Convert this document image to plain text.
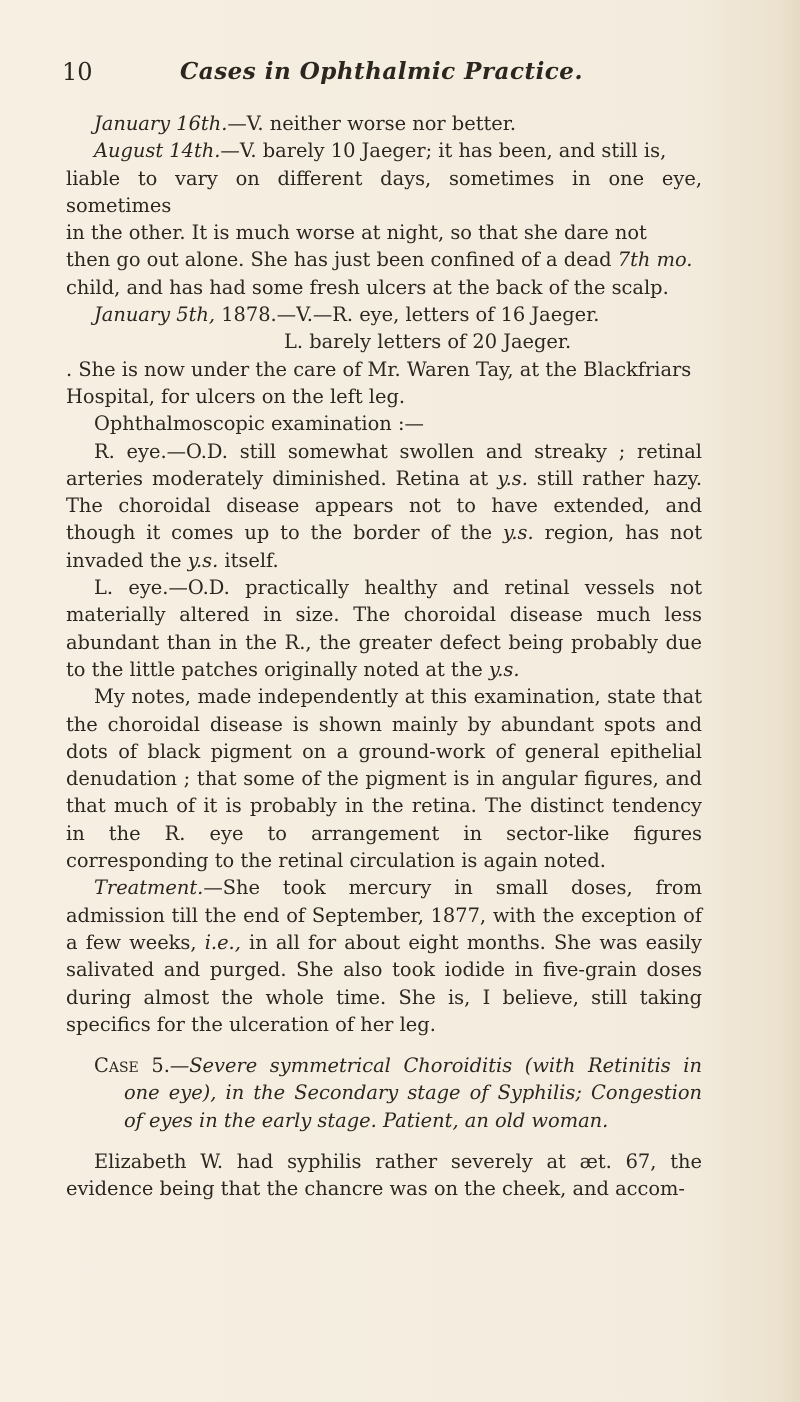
10	Cases in Ophthalmic Practice.

January 16th.—V. neither worse nor better.

August 14th.—V. barely 10 Jaeger; it has been, and still is,
liable to vary on different days, sometimes in one eye, sometimes
in the other. It is much worse at night, so that she dare not
then go out alone. She has just been confined of a dead 7th mo.
child, and has had some fresh ulcers at the back of the scalp.

January 5th, 1878.—V.—R. eye, letters of 16 Jaeger.
L. barely letters of 20 Jaeger.

. She is now under the care of Mr. Waren Tay, at the Blackfriars
Hospital, for ulcers on the left leg.

Ophthalmoscopic examination :—

R. eye.—O.D. still somewhat swollen and streaky ; retinal arteries moderately diminished. Retina at y.s. still rather hazy. The choroidal disease appears not to have extended, and though it comes up to the border of the y.s. region, has not invaded the y.s. itself.

L. eye.—O.D. practically healthy and retinal vessels not materially altered in size. The choroidal disease much less abundant than in the R., the greater defect being probably due to the little patches originally noted at the y.s.

My notes, made independently at this examination, state that the choroidal disease is shown mainly by abundant spots and dots of black pigment on a ground-work of general epithelial denudation ; that some of the pigment is in angular figures, and that much of it is probably in the retina. The distinct tendency in the R. eye to arrangement in sector-like figures corresponding to the retinal circulation is again noted.

Treatment.—She took mercury in small doses, from admission till the end of September, 1877, with the exception of a few weeks, i.e., in all for about eight months. She was easily salivated and purged. She also took iodide in five-grain doses during almost the whole time. She is, I believe, still taking specifics for the ulceration of her leg.

Case 5.—Severe symmetrical Choroiditis (with Retinitis in one eye), in the Secondary stage of Syphilis; Congestion of eyes in the early stage. Patient, an old woman.

Elizabeth W. had syphilis rather severely at æt. 67, the evidence being that the chancre was on the cheek, and accom-
